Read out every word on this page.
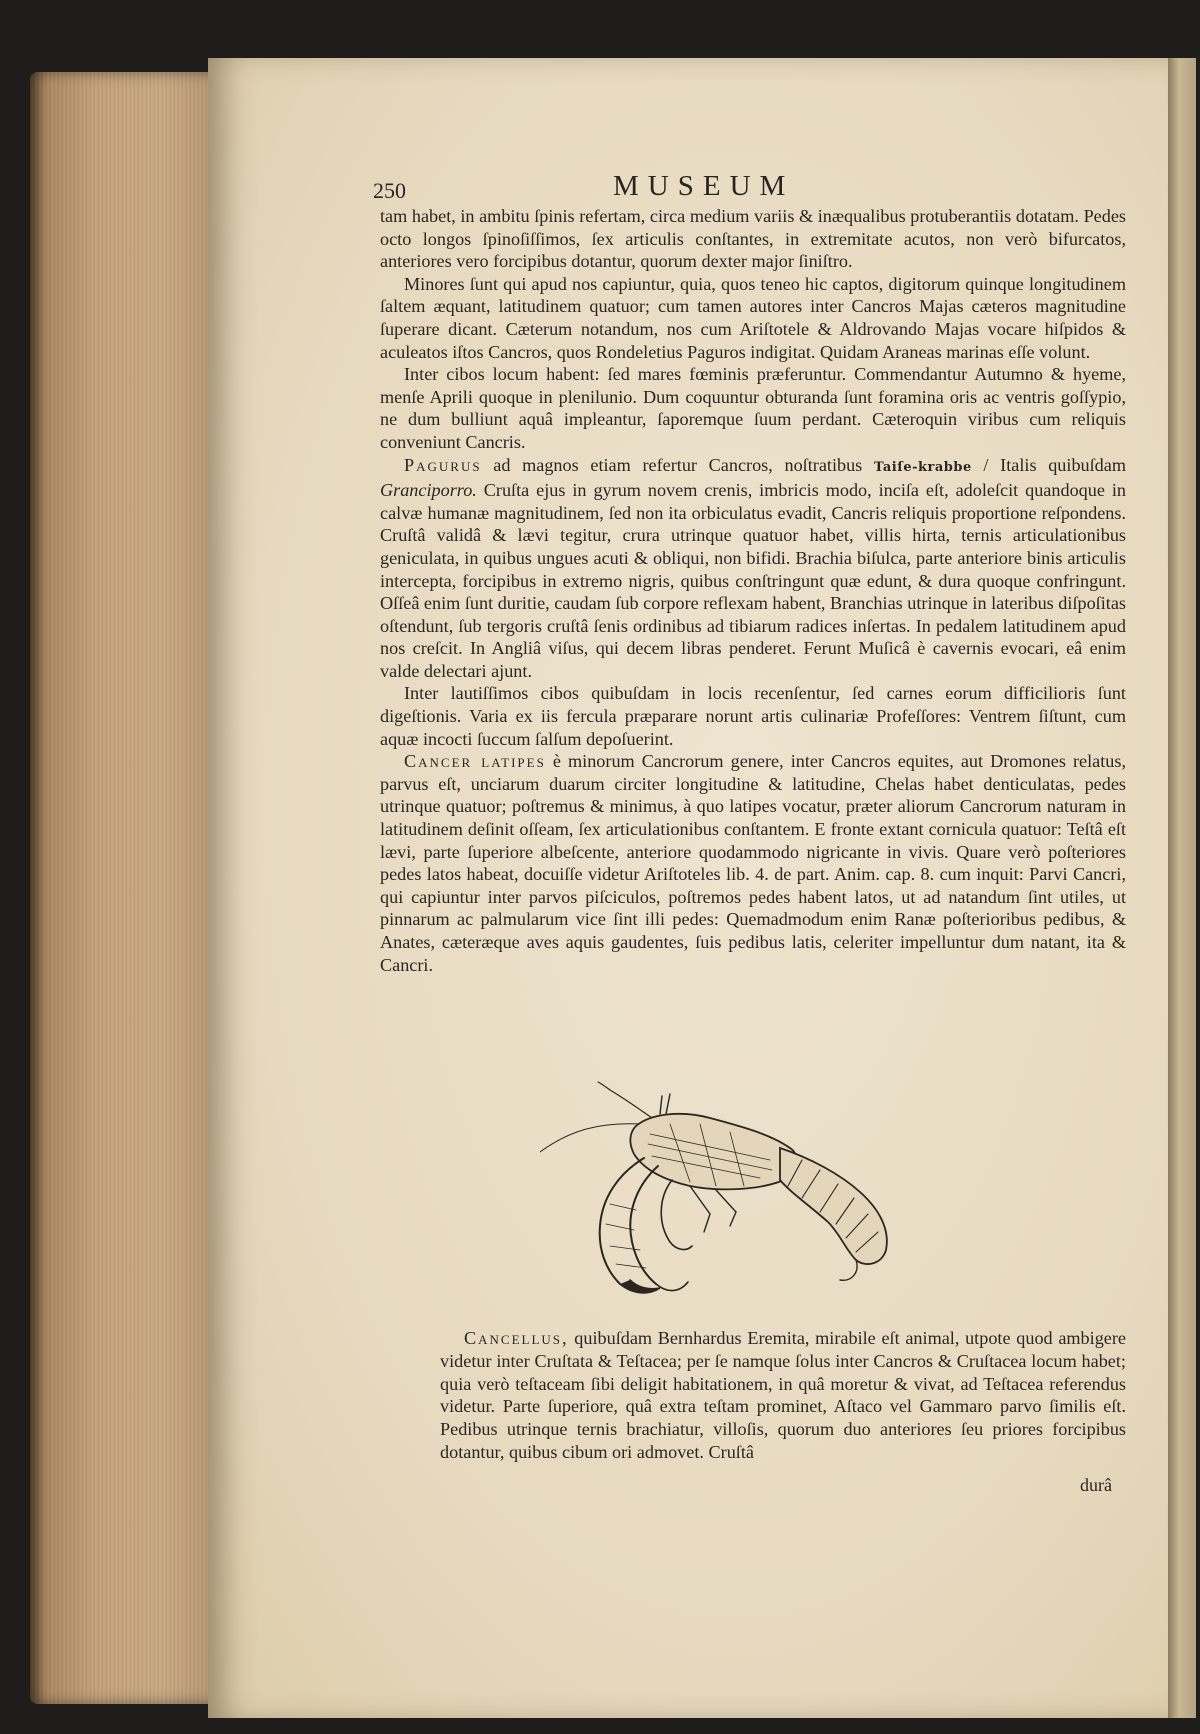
250	MUSEUM

tam habet, in ambitu ſpinis refertam, circa medium variis & inæqualibus protuberantiis dotatam. Pedes octo longos ſpinoſiſſimos, ſex articulis conſtantes, in extremitate acutos, non verò bifurcatos, anteriores vero forcipibus dotantur, quorum dexter major ſiniſtro.

Minores ſunt qui apud nos capiuntur, quia, quos teneo hic captos, digitorum quinque longitudinem ſaltem æquant, latitudinem quatuor; cum tamen autores inter Cancros Majas cæteros magnitudine ſuperare dicant. Cæterum notandum, nos cum Ariſtotele & Aldrovando Majas vocare hiſpidos & aculeatos iſtos Cancros, quos Rondeletius Paguros indigitat. Quidam Araneas marinas eſſe volunt.

Inter cibos locum habent: ſed mares fœminis præferuntur. Commendantur Autumno & hyeme, menſe Aprili quoque in plenilunio. Dum coquuntur obturanda ſunt foramina oris ac ventris goſſypio, ne dum bulliunt aquâ impleantur, ſaporemque ſuum perdant. Cæteroquin viribus cum reliquis conveniunt Cancris.

Pagurus ad magnos etiam refertur Cancros, noſtratibus Taiſe-krabbe / Italis quibuſdam Granciporro. Cruſta ejus in gyrum novem crenis, imbricis modo, inciſa eſt, adoleſcit quandoque in calvæ humanæ magnitudinem, ſed non ita orbiculatus evadit, Cancris reliquis proportione reſpondens. Cruſtâ validâ & lævi tegitur, crura utrinque quatuor habet, villis hirta, ternis articulationibus geniculata, in quibus ungues acuti & obliqui, non bifidi. Brachia biſulca, parte anteriore binis articulis intercepta, forcipibus in extremo nigris, quibus conſtringunt quæ edunt, & dura quoque confringunt. Oſſeâ enim ſunt duritie, caudam ſub corpore reflexam habent, Branchias utrinque in lateribus diſpoſitas oſtendunt, ſub tergoris cruſtâ ſenis ordinibus ad tibiarum radices inſertas. In pedalem latitudinem apud nos creſcit. In Angliâ viſus, qui decem libras penderet. Ferunt Muſicâ è cavernis evocari, eâ enim valde delectari ajunt.

Inter lautiſſimos cibos quibuſdam in locis recenſentur, ſed carnes eorum difficilioris ſunt digeſtionis. Varia ex iis fercula præparare norunt artis culinariæ Profeſſores: Ventrem ſiſtunt, cum aquæ incocti ſuccum ſalſum depoſuerint.

Cancer latipes è minorum Cancrorum genere, inter Cancros equites, aut Dromones relatus, parvus eſt, unciarum duarum circiter longitudine & latitudine, Chelas habet denticulatas, pedes utrinque quatuor; poſtremus & minimus, à quo latipes vocatur, præter aliorum Cancrorum naturam in latitudinem deſinit oſſeam, ſex articulationibus conſtantem. E fronte extant cornicula quatuor: Teſtâ eſt lævi, parte ſuperiore albeſcente, anteriore quodammodo nigricante in vivis. Quare verò poſteriores pedes latos habeat, docuiſſe videtur Ariſtoteles lib. 4. de part. Anim. cap. 8. cum inquit: Parvi Cancri, qui capiuntur inter parvos piſciculos, poſtremos pedes habent latos, ut ad natandum ſint utiles, ut pinnarum ac palmularum vice ſint illi pedes: Quemadmodum enim Ranæ poſterioribus pedibus, & Anates, cæteræque aves aquis gaudentes, ſuis pedibus latis, celeriter impelluntur dum natant, ita & Cancri.

Cancellus, quibuſdam Bernhardus Eremita, mirabile eſt animal, utpote quod ambigere videtur inter Cruſtata & Teſtacea; per ſe namque ſolus inter Cancros & Cruſtacea locum habet; quia verò teſtaceam ſibi deligit habitationem, in quâ moretur & vivat, ad Teſtacea referendus videtur. Parte ſuperiore, quâ extra teſtam prominet, Aſtaco vel Gammaro parvo ſimilis eſt. Pedibus utrinque ternis brachiatur, villoſis, quorum duo anteriores ſeu priores forcipibus dotantur, quibus cibum ori admovet. Cruſtâ

durâ
